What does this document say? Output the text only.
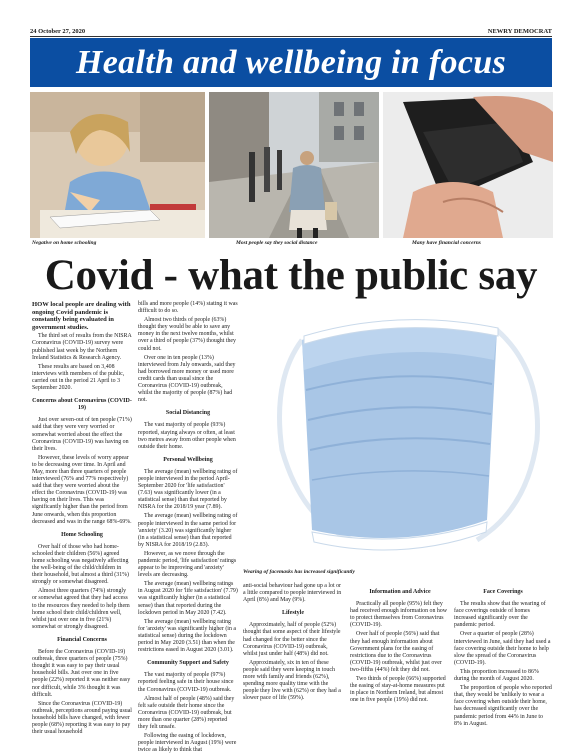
24 October 27, 2020	NEWRY DEMOCRAT
Health and wellbeing in focus
Negative on home schooling	Most people say they social distance	Many have financial concerns
Covid - what the public say

HOW local people are dealing with ongoing Covid pandemic is constantly being evaluated in government studies.

The third set of results from the NISRA Coronavirus (COVID-19) survey were published last week by the Northern Ireland Statistics & Research Agency.

These results are based on 3,408 interviews with members of the public, carried out in the period 21 April to 3 September 2020.

Concerns about Coronavirus (COVID-19)

Just over seven-out of ten people (71%) said that they were very worried or somewhat worried about the effect the Coronavirus (COVID-19) was having on their lives.

However, these levels of worry appear to be decreasing over time. In April and May, more than three quarters of people interviewed (76% and 77% respectively) said that they were worried about the effect the Coronavirus (COVID-19) was having on their lives. This was significantly higher than the period from June onwards, when this proportion decreased and was in the range 68%-69%.

Home Schooling

Over half of those who had home-schooled their children (56%) agreed home schooling was negatively affecting the well-being of the child/children in their household, but almost a third (31%) strongly or somewhat disagreed.

Almost three quarters (74%) strongly or somewhat agreed that they had access to the resources they needed to help them home school their child/children well, whilst just over one in five (21%) somewhat or strongly disagreed.

Financial Concerns

Before the Coronavirus (COVID-19) outbreak, three quarters of people (75%) thought it was easy to pay their usual household bills. Just over one in five people (22%) reported it was neither easy nor difficult, while 3% thought it was difficult.

Since the Coronavirus (COVID-19) outbreak, perceptions around paying usual household bills have changed, with fewer people (68%) reporting it was easy to pay their usual household

bills and more people (14%) stating it was difficult to do so.

Almost two thirds of people (63%) thought they would be able to save any money in the next twelve months, whilst over a third of people (37%) thought they could not.

Over one in ten people (13%) interviewed from July onwards, said they had borrowed more money or used more credit cards than usual since the Coronavirus (COVID-19) outbreak, whilst the majority of people (87%) had not.

Social Distancing

The vast majority of people (93%) reported, staying always or often, at least two metres away from other people when outside their home.

Personal Wellbeing

The average (mean) wellbeing rating of people interviewed in the period April-September 2020 for 'life satisfaction' (7.63) was significantly lower (in a statistical sense) than that reported by NISRA for the 2018/19 year (7.89).

The average (mean) wellbeing rating of people interviewed in the same period for 'anxiety' (3.20) was significantly higher (in a statistical sense) than that reported by NISRA for 2018/19 (2.83).

However, as we move through the pandemic period, 'life satisfaction' ratings appear to be improving and 'anxiety' levels are decreasing.

The average (mean) wellbeing ratings in August 2020 for 'life satisfaction' (7.79) was significantly higher (in a statistical sense) than that reported during the lockdown period in May 2020 (7.42).

The average (mean) wellbeing rating for 'anxiety' was significantly higher (in a statistical sense) during the lockdown period in May 2020 (3.51) than when the restrictions eased in August 2020 (3.01).

Community Support and Safety

The vast majority of people (97%) reported feeling safe in their house since the Coronavirus (COVID-19) outbreak.

Almost half of people (48%) said they felt safe outside their home since the Coronavirus (COVID-19) outbreak, but more than one quarter (28%) reported they felt unsafe.

Following the easing of lockdown, people interviewed in August (19%) were twice as likely to think that

Wearing of facemasks has increased significantly

anti-social behaviour had gone up a lot or a little compared to people interviewed in April (8%) and May (9%).

Lifestyle

Approximately, half of people (52%) thought that some aspect of their lifestyle had changed for the better since the Coronavirus (COVID-19) outbreak, whilst just under half (48%) did not.

Approximately, six in ten of these people said they were keeping in touch more with family and friends (62%), spending more quality time with the people they live with (62%) or they had a slower pace of life (59%).

Information and Advice

Practically all people (95%) felt they had received enough information on how to protect themselves from Coronavirus (COVID-19).

Over half of people (56%) said that they had enough information about Government plans for the easing of restrictions due to the Coronavirus (COVID-19) outbreak, whilst just over two-fifths (44%) felt they did not.

Two thirds of people (66%) supported the easing of stay-at-home measures put in place in Northern Ireland, but almost one in five people (19%) did not.

Face Coverings

The results show that the wearing of face coverings outside of homes increased significantly over the pandemic period.

Over a quarter of people (28%) interviewed in June, said they had used a face covering outside their home to help slow the spread of the Coronavirus (COVID-19).

This proportion increased to 86% during the month of August 2020.

The proportion of people who reported that, they would be 'unlikely to wear a face covering when outside their home, has decreased significantly over the pandemic period from 44% in June to 8% in August.
